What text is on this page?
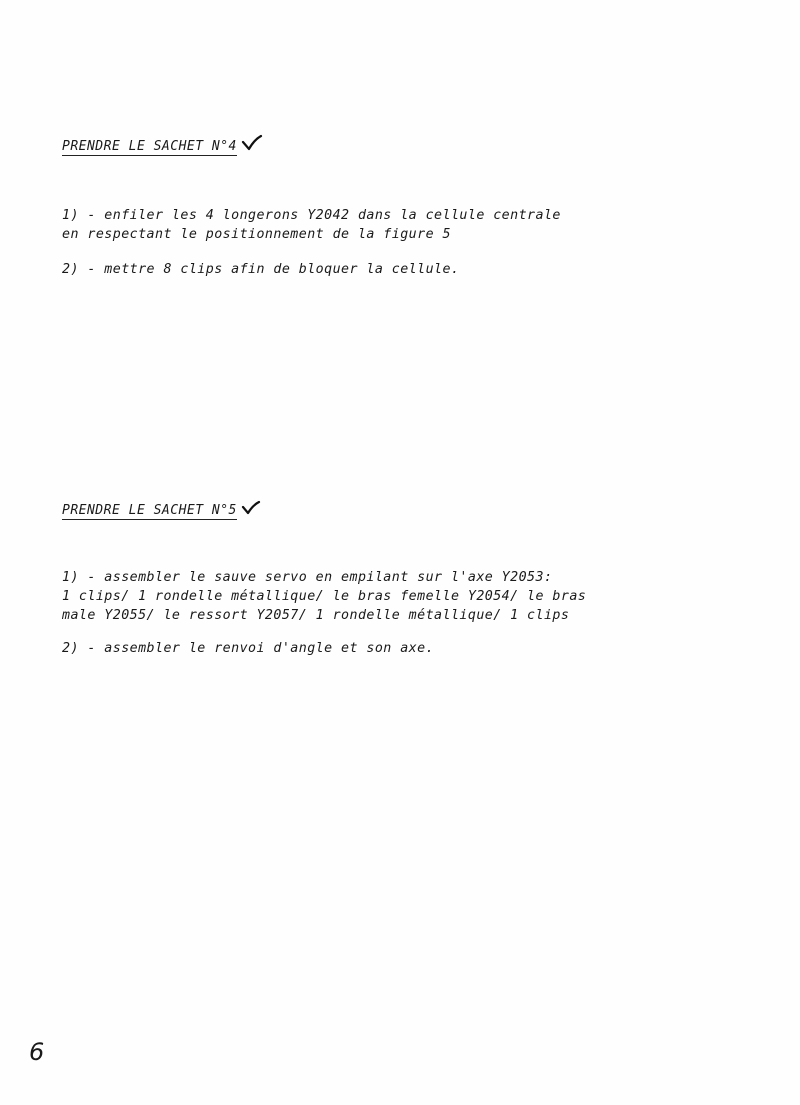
PRENDRE LE SACHET N°4

1) - enfiler les 4 longerons Y2042 dans la cellule centrale

en respectant le positionnement de la figure 5

2) - mettre 8 clips afin de bloquer la cellule.

PRENDRE LE SACHET N°5

1) - assembler le sauve servo en empilant sur l'axe Y2053:

1 clips/ 1 rondelle métallique/ le bras femelle Y2054/ le bras

male Y2055/ le ressort Y2057/ 1 rondelle métallique/ 1 clips

2) - assembler le renvoi d'angle et son axe.

6
